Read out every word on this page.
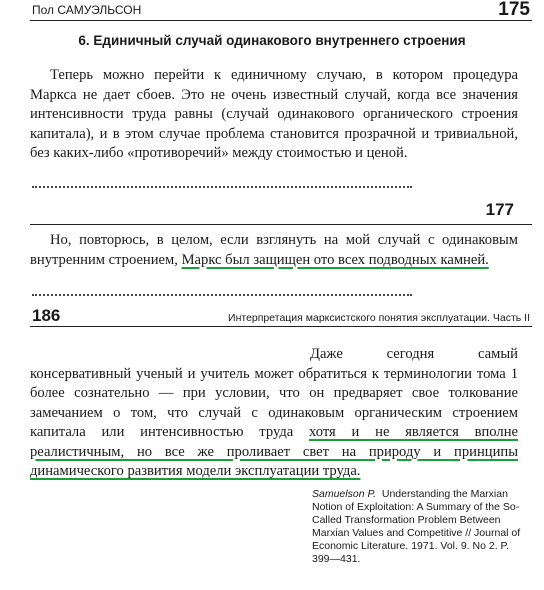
Пол САМУЭЛЬСОН	175
6. Единичный случай одинакового внутреннего строения

Теперь можно перейти к единичному случаю, в котором процедура Маркса не дает сбоев. Это не очень известный случай, когда все значения интенсивности труда равны (случай одинакового органического строения капитала), и в этом случае проблема становится прозрачной и тривиальной, без каких-либо «противоречий» между стоимостью и ценой.

177

Но, повторюсь, в целом, если взглянуть на мой случай с одинаковым внутренним строением, Маркс был защищен ото всех подводных камней.

186	Интерпретация марксистского понятия эксплуатации. Часть II

Даже сегодня самый консервативный ученый и учитель может обратиться к терминологии тома 1 более сознательно — при условии, что он предваряет свое толкование замечанием о том, что случай с одинаковым органическим строением капитала или интенсивностью труда хотя и не является вполне реалистичным, но все же проливает свет на природу и принципы динамического развития модели эксплуатации труда.

Samuelson P. Understanding the Marxian Notion of Exploitation: A Summary of the So-Called Transformation Problem Between Marxian Values and Competitive // Journal of Economic Literature. 1971. Vol. 9. No 2. P. 399—431.
